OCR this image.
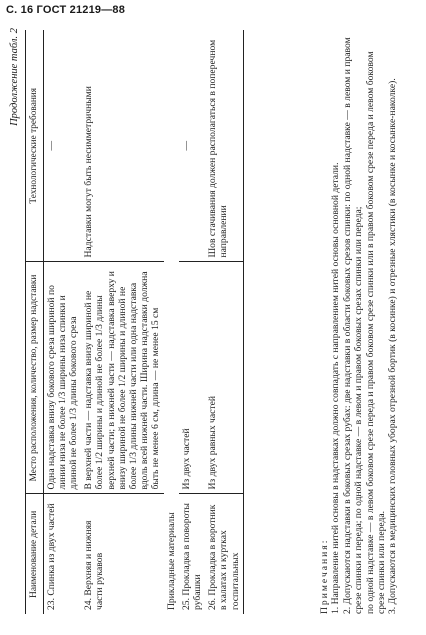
С. 16 ГОСТ 21219—88
Продолжение табл. 2
Наименование детали	Место расположения, количество, размер надставки	Технологические требования
23. Спинка из двух частей	Одна надставка внизу бокового среза шириной по линии низа не более 1/3 ширины низа спинки и длиной не более 1/3 длины бокового среза	—
24. Верхняя и нижняя части рукавов	В верхней части — надставка внизу шириной не более 1/2 ширины и длиной не более 1/3 длины верхней части; в нижней части — надставка вверху и внизу шириной не более 1/2 ширины и длиной не более 1/3 длины нижней части или одна надставка вдоль всей нижней части. Ширина надставки должна быть не менее 6 см, длина — не менее 15 см	Надставки могут быть несимметричными
Прикладные материалы		
25. Прокладка в повороты рубашки	Из двух частей	—
26. Прокладка в воротник в халатах и куртках госпитальных	Из двух равных частей	Шов стачивания должен располагаться в поперечном направлении

Примечания: 1. Направление нитей основы в надставках должно совпадать с направлением нитей основы основной детали. 2. Допускаются надставки в боковых срезах рубах: две надставки в области боковых срезов спинки: по одной надставке — в левом и правом срезе спинки и переда; по одной надставке — в левом и правом боковых срезах спинки или переда; по одной надставке — в левом боковом срезе переда и правом боковом срезе спинки или в правом боковом срезе переда и левом боковом срезе спинки или переда. 3. Допускаются в медицинских головных уборах отрезной бортик (в косинке) и отрезные хлястики (в косынке и косынке-наколке).
